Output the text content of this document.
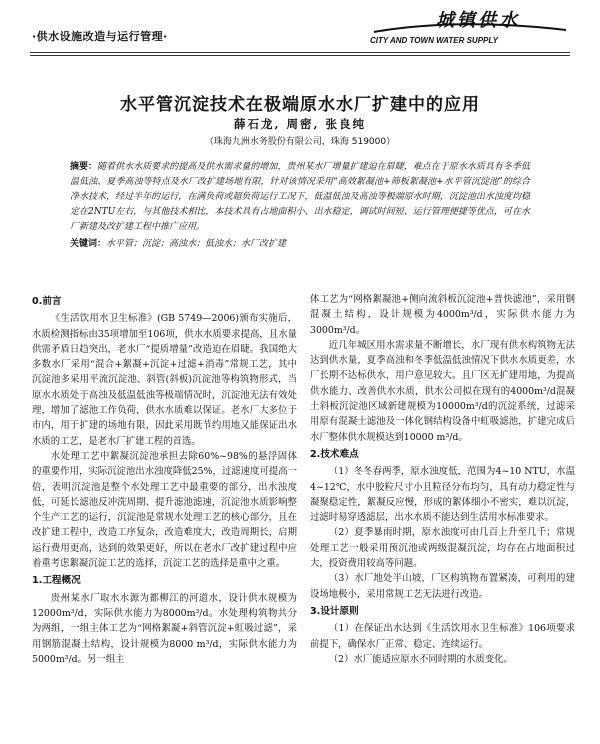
·供水设施改造与运行管理·
城镇供水
CITY AND TOWN WATER SUPPLY
水平管沉淀技术在极端原水水厂扩建中的应用
薛石龙, 周密, 张良纯
（珠海九洲水务股份有限公司，珠海 519000）
摘要：随着供水水质要求的提高及供水需求量的增加，贵州某水厂增量扩建迫在眉睫，难点在于原水水质具有冬季低温低浊、夏季高浊等特点及水厂改扩建场地有限，针对该情况采用“高效絮凝池+筛板絮凝池+水平管沉淀池”的综合净水技术，经过半年的运行，在满负荷或超负荷运行工况下，低温低浊及高浊等极端原水时期，沉淀池出水浊度均稳定在2NTU左右，与其他技术相比，本技术具有占地面积小、出水稳定，调试时间短、运行管理便捷等优点，可在水厂新建及改扩建工程中推广应用。
关键词：水平管；沉淀；高浊水；低浊水；水厂改扩建
0.前言

《生活饮用水卫生标准》(GB 5749—2006)颁布实施后，水质检测指标由35项增加至106项，供水水质要求提高，且水量供需矛盾日趋突出，老水厂“提质增量”改造迫在眉睫。我国绝大多数水厂采用“混合+絮凝+沉淀+过滤+消毒”常规工艺，其中沉淀池多采用平流沉淀池、斜管(斜板)沉淀池等构筑物形式，当原水水质处于高浊及低温低浊等极端情况时，沉淀池无法有效处理，增加了滤池工作负荷，供水水质难以保证。老水厂大多位于市内，用于扩建的场地有限，因此采用既节约用地又能保证出水水质的工艺，是老水厂扩建工程的首选。

水处理工艺中絮凝沉淀池承担去除60%~98%的悬浮固体的重要作用，实际沉淀池出水浊度降低25%，过滤速度可提高一倍，表明沉淀池是整个水处理工艺中最重要的部分，出水浊度低，可延长滤池反冲洗周期、提升滤池滤速，沉淀池水质影响整个生产工艺的运行，沉淀池是常规水处理工艺的核心部分，且在改扩建工程中，改造工序复杂，改造难度大，改造周期长，启期运行费用更高，达到的效果更好，所以在老水厂改扩建过程中应着重考虑絮凝沉淀工艺的选择，沉淀工艺的选择是重中之重。

1.工程概况

贵州某水厂取水水源为都柳江的河道水，设计供水规模为12000m³/d，实际供水能力为8000m³/d。水处理构筑物共分为两组，一组主体工艺为“网格絮凝+斜管沉淀+虹吸过滤”，采用钢筋混凝土结构，设计规模为8000 m³/d，实际供水能力为5000m³/d。另一组主

体工艺为“网格絮凝池+侧向流斜板沉淀池+普快滤池”，采用钢混凝土结构，设计规模为4000m³/d，实际供水能力为3000m³/d。

近几年城区用水需求量不断增长，水厂现有供水构筑物无法达到供水量，夏季高浊和冬季低温低浊情况下供水水质更差，水厂长期不达标供水，用户意见较大。且厂区无扩建用地，为提高供水能力、改善供水水质，供水公司拟在现有的4000m³/d混凝土斜板沉淀池区域新建规模为10000m³/d的沉淀系统，过滤采用原有混凝土滤池及一体化钢结构设备中虹吸滤池，扩建完成后水厂整体供水规模达到10000 m³/d。

2.技术难点

（1）冬冬春两季，原水浊度低，范围为4~10 NTU，水温4~12℃，水中胶粒尺寸小且粒径分布均匀，具有动力稳定性与凝聚稳定性，絮凝反应慢，形成的絮体细小不密实，难以沉淀，过滤时易穿透滤层，出水水质不能达到生活用水标准要求。

（2）夏季暴雨时期，原水浊度可由几百上升至几千；常规处理工艺一般采用预沉池或两级混凝沉淀，均存在占地面积过大，投资费用较高等问题。

（3）水厂地处半山坡，厂区构筑物布置紧凑，可利用的建设场地极小，采用常规工艺无法进行改造。

3.设计原则

（1）在保证出水达到《生活饮用水卫生标准》106项要求前提下，确保水厂正常、稳定、连续运行。

（2）水厂能适应原水不同时期的水质变化。
